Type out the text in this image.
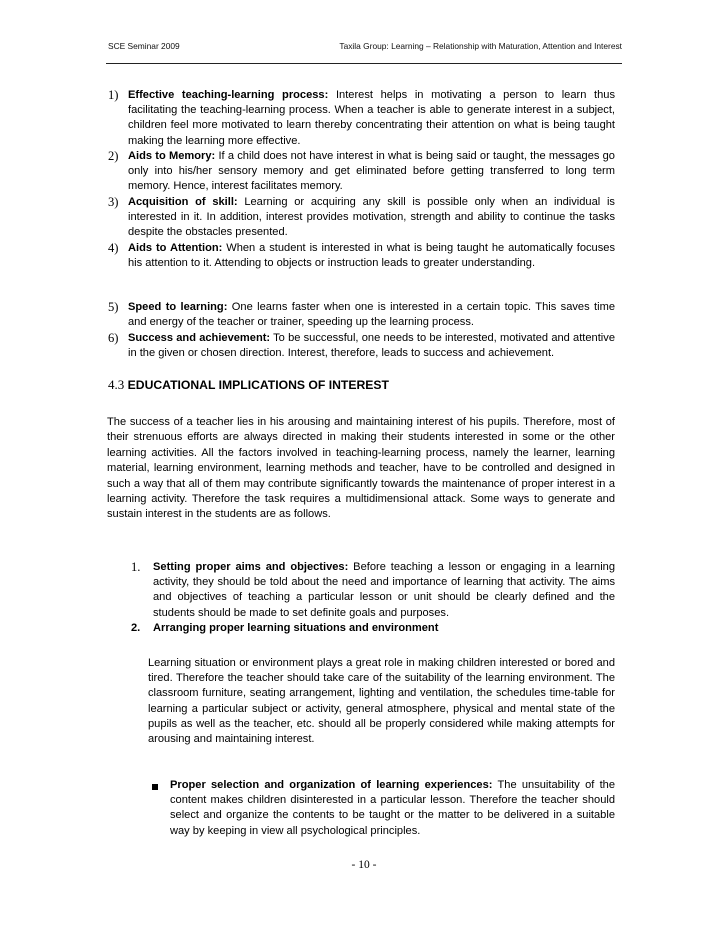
SCE Seminar 2009	Taxila Group: Learning – Relationship with Maturation, Attention and Interest
1) Effective teaching-learning process: Interest helps in motivating a person to learn thus facilitating the teaching-learning process. When a teacher is able to generate interest in a subject, children feel more motivated to learn thereby concentrating their attention on what is being taught making the learning more effective.
2) Aids to Memory: If a child does not have interest in what is being said or taught, the messages go only into his/her sensory memory and get eliminated before getting transferred to long term memory. Hence, interest facilitates memory.
3) Acquisition of skill: Learning or acquiring any skill is possible only when an individual is interested in it. In addition, interest provides motivation, strength and ability to continue the tasks despite the obstacles presented.
4) Aids to Attention: When a student is interested in what is being taught he automatically focuses his attention to it. Attending to objects or instruction leads to greater understanding.
5) Speed to learning: One learns faster when one is interested in a certain topic. This saves time and energy of the teacher or trainer, speeding up the learning process.
6) Success and achievement: To be successful, one needs to be interested, motivated and attentive in the given or chosen direction. Interest, therefore, leads to success and achievement.
4.3 EDUCATIONAL IMPLICATIONS OF INTEREST
The success of a teacher lies in his arousing and maintaining interest of his pupils. Therefore, most of their strenuous efforts are always directed in making their students interested in some or the other learning activities. All the factors involved in teaching-learning process, namely the learner, learning material, learning environment, learning methods and teacher, have to be controlled and designed in such a way that all of them may contribute significantly towards the maintenance of proper interest in a learning activity. Therefore the task requires a multidimensional attack. Some ways to generate and sustain interest in the students are as follows.
1. Setting proper aims and objectives: Before teaching a lesson or engaging in a learning activity, they should be told about the need and importance of learning that activity. The aims and objectives of teaching a particular lesson or unit should be clearly defined and the students should be made to set definite goals and purposes.
2. Arranging proper learning situations and environment
Learning situation or environment plays a great role in making children interested or bored and tired. Therefore the teacher should take care of the suitability of the learning environment. The classroom furniture, seating arrangement, lighting and ventilation, the schedules time-table for learning a particular subject or activity, general atmosphere, physical and mental state of the pupils as well as the teacher, etc. should all be properly considered while making attempts for arousing and maintaining interest.
Proper selection and organization of learning experiences: The unsuitability of the content makes children disinterested in a particular lesson. Therefore the teacher should select and organize the contents to be taught or the matter to be delivered in a suitable way by keeping in view all psychological principles.
- 10 -
